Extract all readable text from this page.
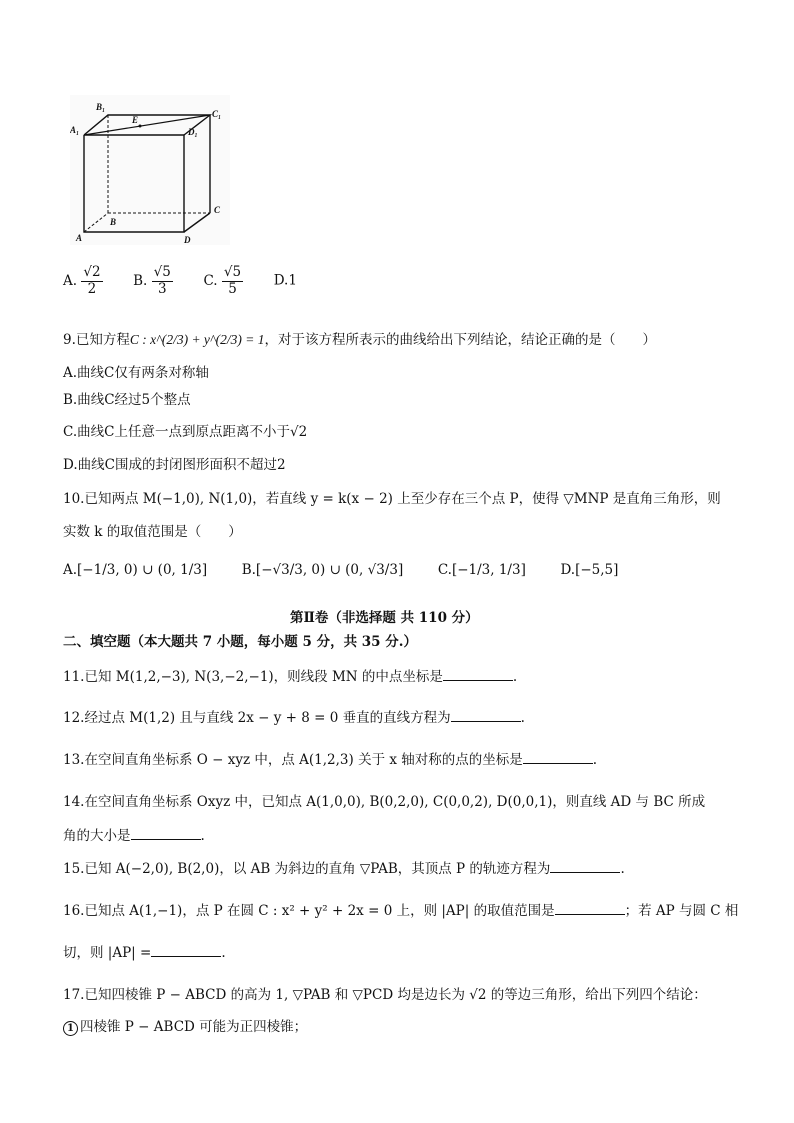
B₁
A₁
E
C₁
D₁
B
C
A	D
A. $\frac{√2}{2} B$. $\frac{√5}{3} C$. $\frac{√5}{5} D.1$
9.已知方程C : x^(2/3) + y^(2/3) = 1，对于该方程所表示的曲线给出下列结论，结论正确的是（　　）
A.曲线C仅有两条对称轴
B.曲线C经过5个整点
C.曲线C上任意一点到原点距离不小于√2
D.曲线C围成的封闭图形面积不超过2
10.已知两点 M(−1,0), N(1,0)，若直线 y = k(x − 2) 上至少存在三个点 P，使得 ▽MNP 是直角三角形，则
实数 k 的取值范围是（　　）
A.[−1/3, 0) ∪ (0, 1/3]	B.[−√3/3, 0) ∪ (0, √3/3]	C.[−1/3, 1/3]	D.[−5,5]
第Ⅱ卷（非选择题 共 110 分）
二、填空题（本大题共 7 小题，每小题 5 分，共 35 分.）
11.已知 M(1,2,−3), N(3,−2,−1)，则线段 MN 的中点坐标是	.
12.经过点 M(1,2) 且与直线 2x − y + 8 = 0 垂直的直线方程为	.
13.在空间直角坐标系 O − xyz 中，点 A(1,2,3) 关于 x 轴对称的点的坐标是	.
14.在空间直角坐标系 Oxyz 中，已知点 A(1,0,0), B(0,2,0), C(0,0,2), D(0,0,1)，则直线 AD 与 BC 所成
角的大小是	.
15.已知 A(−2,0), B(2,0)，以 AB 为斜边的直角 ▽PAB，其顶点 P 的轨迹方程为	.
16.已知点 A(1,−1)，点 P 在圆 C : x² + y² + 2x = 0 上，则 |AP| 的取值范围是	；若 AP 与圆 C 相
切，则 |AP| =	.
17.已知四棱锥 P − ABCD 的高为 1, ▽PAB 和 ▽PCD 均是边长为 √2 的等边三角形，给出下列四个结论：
1 四棱锥 P − ABCD 可能为正四棱锥；
